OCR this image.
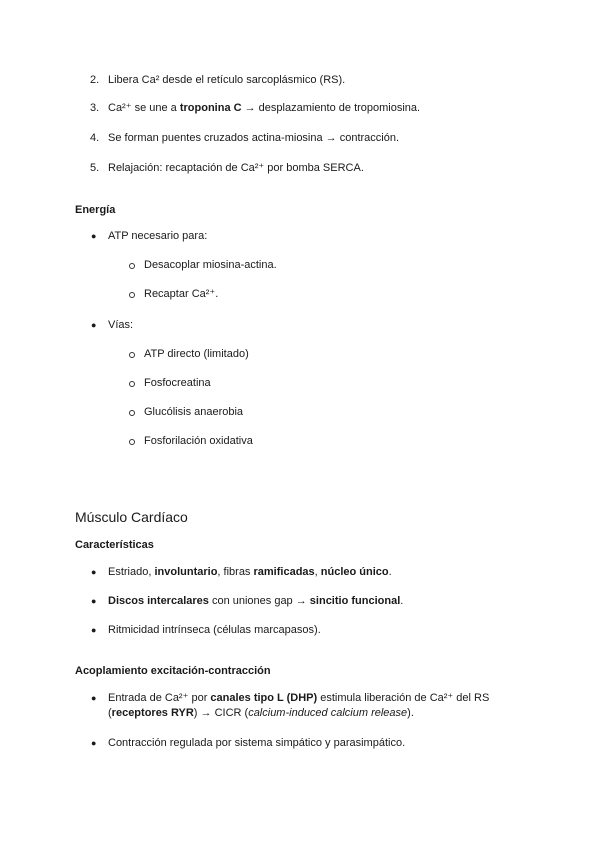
2. Libera Ca² desde el retículo sarcoplásmico (RS).
3. Ca²⁺ se une a troponina C → desplazamiento de tropomiosina.
4. Se forman puentes cruzados actina-miosina → contracción.
5. Relajación: recaptación de Ca²⁺ por bomba SERCA.
Energía
● ATP necesario para:
Desacoplar miosina-actina.
Recaptar Ca²⁺.
● Vías:
ATP directo (limitado)
Fosfocreatina
Glucólisis anaerobia
Fosforilación oxidativa
Músculo Cardíaco
Características
● Estriado, involuntario, fibras ramificadas, núcleo único.
● Discos intercalares con uniones gap → sincitio funcional.
● Ritmicidad intrínseca (células marcapasos).
Acoplamiento excitación-contracción
● Entrada de Ca²⁺ por canales tipo L (DHP) estimula liberación de Ca²⁺ del RS
(receptores RYR) → CICR (calcium-induced calcium release).
● Contracción regulada por sistema simpático y parasimpático.
